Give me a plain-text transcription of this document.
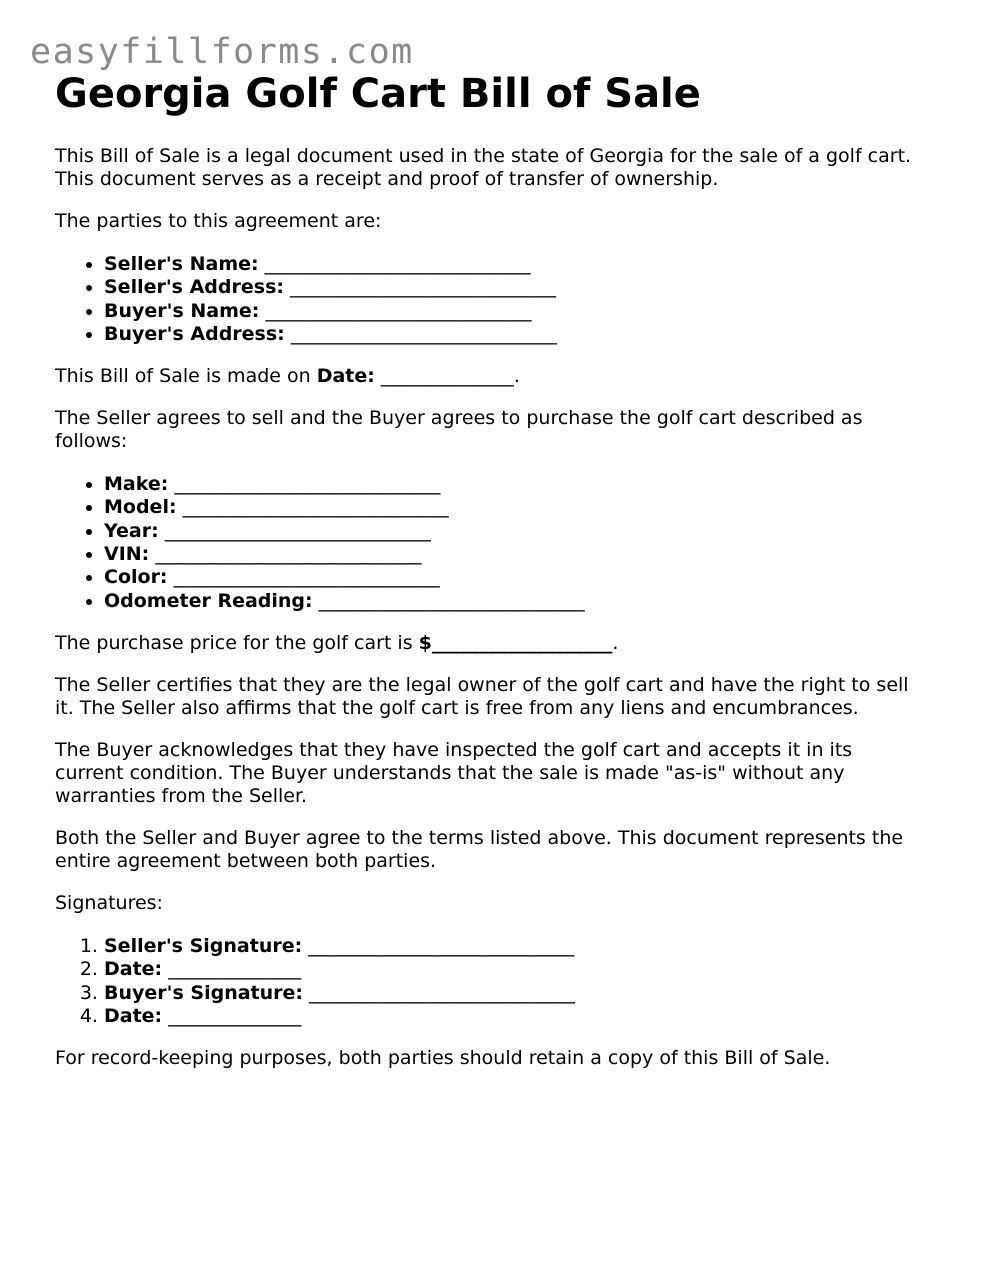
easyfillforms.com
Georgia Golf Cart Bill of Sale

This Bill of Sale is a legal document used in the state of Georgia for the sale of a golf cart.
This document serves as a receipt and proof of transfer of ownership.

The parties to this agreement are:

• Seller's Name: ____________________________
• Seller's Address: ____________________________
• Buyer's Name: ____________________________
• Buyer's Address: ____________________________

This Bill of Sale is made on Date: ______________.

The Seller agrees to sell and the Buyer agrees to purchase the golf cart described as
follows:

• Make: ____________________________
• Model: ____________________________
• Year: ____________________________
• VIN: ____________________________
• Color: ____________________________
• Odometer Reading: ____________________________

The purchase price for the golf cart is $___________________.

The Seller certifies that they are the legal owner of the golf cart and have the right to sell
it. The Seller also affirms that the golf cart is free from any liens and encumbrances.

The Buyer acknowledges that they have inspected the golf cart and accepts it in its
current condition. The Buyer understands that the sale is made "as-is" without any
warranties from the Seller.

Both the Seller and Buyer agree to the terms listed above. This document represents the
entire agreement between both parties.

Signatures:

1. Seller's Signature: ____________________________
2. Date: ______________
3. Buyer's Signature: ____________________________
4. Date: ______________

For record-keeping purposes, both parties should retain a copy of this Bill of Sale.
